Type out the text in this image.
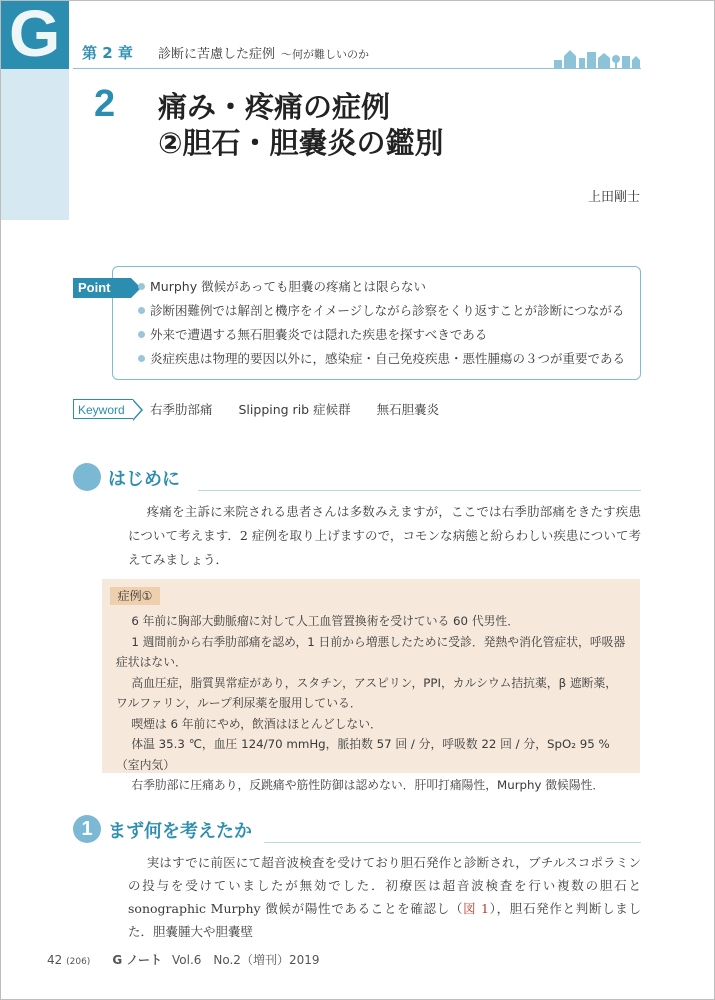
G 第 2 章 診断に苦慮した症例 ～何が難しいのか
2 痛み・疼痛の症例
②胆石・胆嚢炎の鑑別
上田剛士
Point	Murphy 徴候があっても胆嚢の疼痛とは限らない
診断困難例では解剖と機序をイメージしながら診察をくり返すことが診断につながる
外来で遭遇する無石胆嚢炎では隠れた疾患を探すべきである
炎症疾患は物理的要因以外に，感染症・自己免疫疾患・悪性腫瘍の３つが重要である
Keyword	右季肋部痛 Slipping rib 症候群 無石胆嚢炎
はじめに

疼痛を主訴に来院される患者さんは多数みえますが，ここでは右季肋部痛をきたす疾患について考えます．2 症例を取り上げますので，コモンな病態と紛らわしい疾患について考えてみましょう．

症例①

6 年前に胸部大動脈瘤に対して人工血管置換術を受けている 60 代男性．

1 週間前から右季肋部痛を認め，1 日前から増悪したために受診．発熱や消化管症状，呼吸器症状はない．

高血圧症，脂質異常症があり，スタチン，アスピリン，PPI，カルシウム拮抗薬，β 遮断薬，ワルファリン，ループ利尿薬を服用している．

喫煙は 6 年前にやめ，飲酒はほとんどしない．

体温 35.3 ℃，血圧 124/70 mmHg，脈拍数 57 回 / 分，呼吸数 22 回 / 分，SpO₂ 95 %（室内気）

右季肋部に圧痛あり，反跳痛や筋性防御は認めない．肝叩打痛陽性，Murphy 徴候陽性．

1 まず何を考えたか

実はすでに前医にて超音波検査を受けており胆石発作と診断され，ブチルスコポラミンの投与を受けていましたが無効でした．初療医は超音波検査を行い複数の胆石と sonographic Murphy 徴候が陽性であることを確認し（図 1），胆石発作と判断しました．胆嚢腫大や胆嚢壁

42 (206) G ノート Vol.6　No.2（増刊）2019
